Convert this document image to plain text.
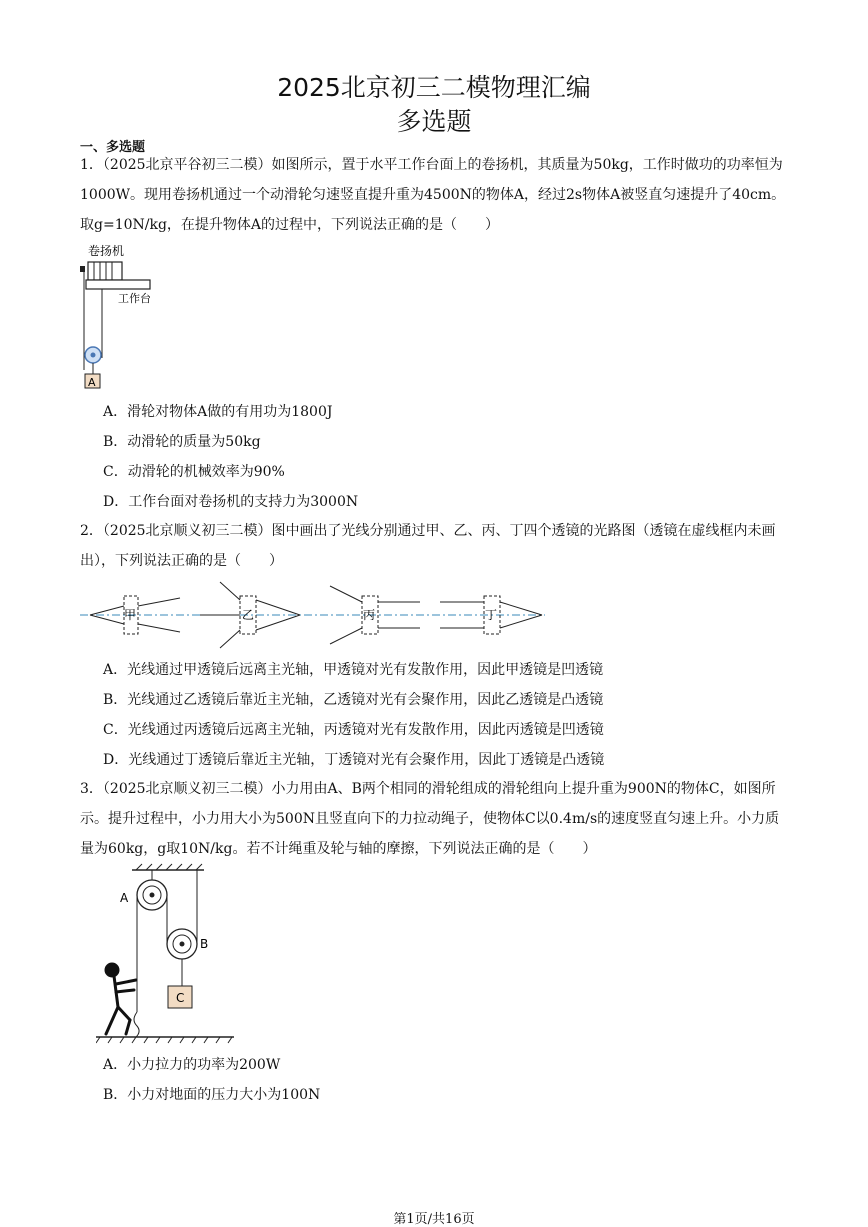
2025北京初三二模物理汇编
多选题
一、多选题
1．（2025北京平谷初三二模）如图所示，置于水平工作台面上的卷扬机，其质量为50kg，工作时做功的功率恒为1000W。现用卷扬机通过一个动滑轮匀速竖直提升重为4500N的物体A，经过2s物体A被竖直匀速提升了40cm。取g=10N/kg，在提升物体A的过程中，下列说法正确的是（　　）
卷扬机
工作台
A
A．滑轮对物体A做的有用功为1800J
B．动滑轮的质量为50kg
C．动滑轮的机械效率为90%
D．工作台面对卷扬机的支持力为3000N
2．（2025北京顺义初三二模）图中画出了光线分别通过甲、乙、丙、丁四个透镜的光路图（透镜在虚线框内未画出），下列说法正确的是（　　）
甲	乙	丙	丁
A．光线通过甲透镜后远离主光轴，甲透镜对光有发散作用，因此甲透镜是凹透镜
B．光线通过乙透镜后靠近主光轴，乙透镜对光有会聚作用，因此乙透镜是凸透镜
C．光线通过丙透镜后远离主光轴，丙透镜对光有发散作用，因此丙透镜是凹透镜
D．光线通过丁透镜后靠近主光轴，丁透镜对光有会聚作用，因此丁透镜是凸透镜
3．（2025北京顺义初三二模）小力用由A、B两个相同的滑轮组成的滑轮组向上提升重为900N的物体C，如图所示。提升过程中，小力用大小为500N且竖直向下的力拉动绳子，使物体C以0.4m/s的速度竖直匀速上升。小力质量为60kg，g取10N/kg。若不计绳重及轮与轴的摩擦，下列说法正确的是（　　）
A
B
C
A．小力拉力的功率为200W
B．小力对地面的压力大小为100N
第1页/共16页
